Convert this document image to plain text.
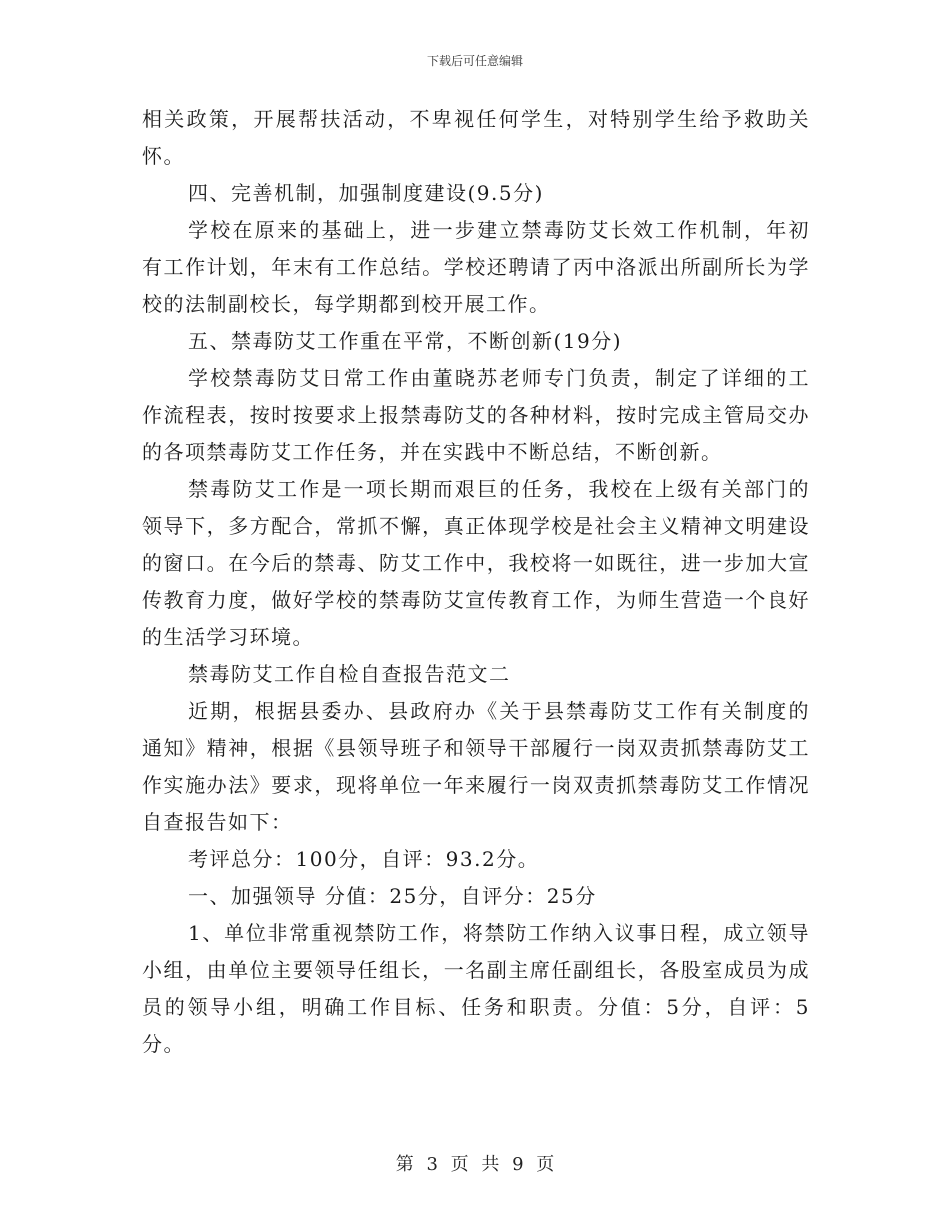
下载后可任意编辑

相关政策，开展帮扶活动，不卑视任何学生，对特别学生给予救助关怀。

四、完善机制，加强制度建设(9.5分)

学校在原来的基础上，进一步建立禁毒防艾长效工作机制，年初有工作计划，年末有工作总结。学校还聘请了丙中洛派出所副所长为学校的法制副校长，每学期都到校开展工作。

五、禁毒防艾工作重在平常，不断创新(19分)

学校禁毒防艾日常工作由董晓苏老师专门负责，制定了详细的工作流程表，按时按要求上报禁毒防艾的各种材料，按时完成主管局交办的各项禁毒防艾工作任务，并在实践中不断总结，不断创新。

禁毒防艾工作是一项长期而艰巨的任务，我校在上级有关部门的领导下，多方配合，常抓不懈，真正体现学校是社会主义精神文明建设的窗口。在今后的禁毒、防艾工作中，我校将一如既往，进一步加大宣传教育力度，做好学校的禁毒防艾宣传教育工作，为师生营造一个良好的生活学习环境。

禁毒防艾工作自检自查报告范文二

近期，根据县委办、县政府办《关于县禁毒防艾工作有关制度的通知》精神，根据《县领导班子和领导干部履行一岗双责抓禁毒防艾工作实施办法》要求，现将单位一年来履行一岗双责抓禁毒防艾工作情况自查报告如下：

考评总分：100分，自评：93.2分。

一、加强领导 分值：25分，自评分：25分

1、单位非常重视禁防工作，将禁防工作纳入议事日程，成立领导小组，由单位主要领导任组长，一名副主席任副组长，各股室成员为成员的领导小组，明确工作目标、任务和职责。分值：5分，自评：5分。

第 3 页 共 9 页
